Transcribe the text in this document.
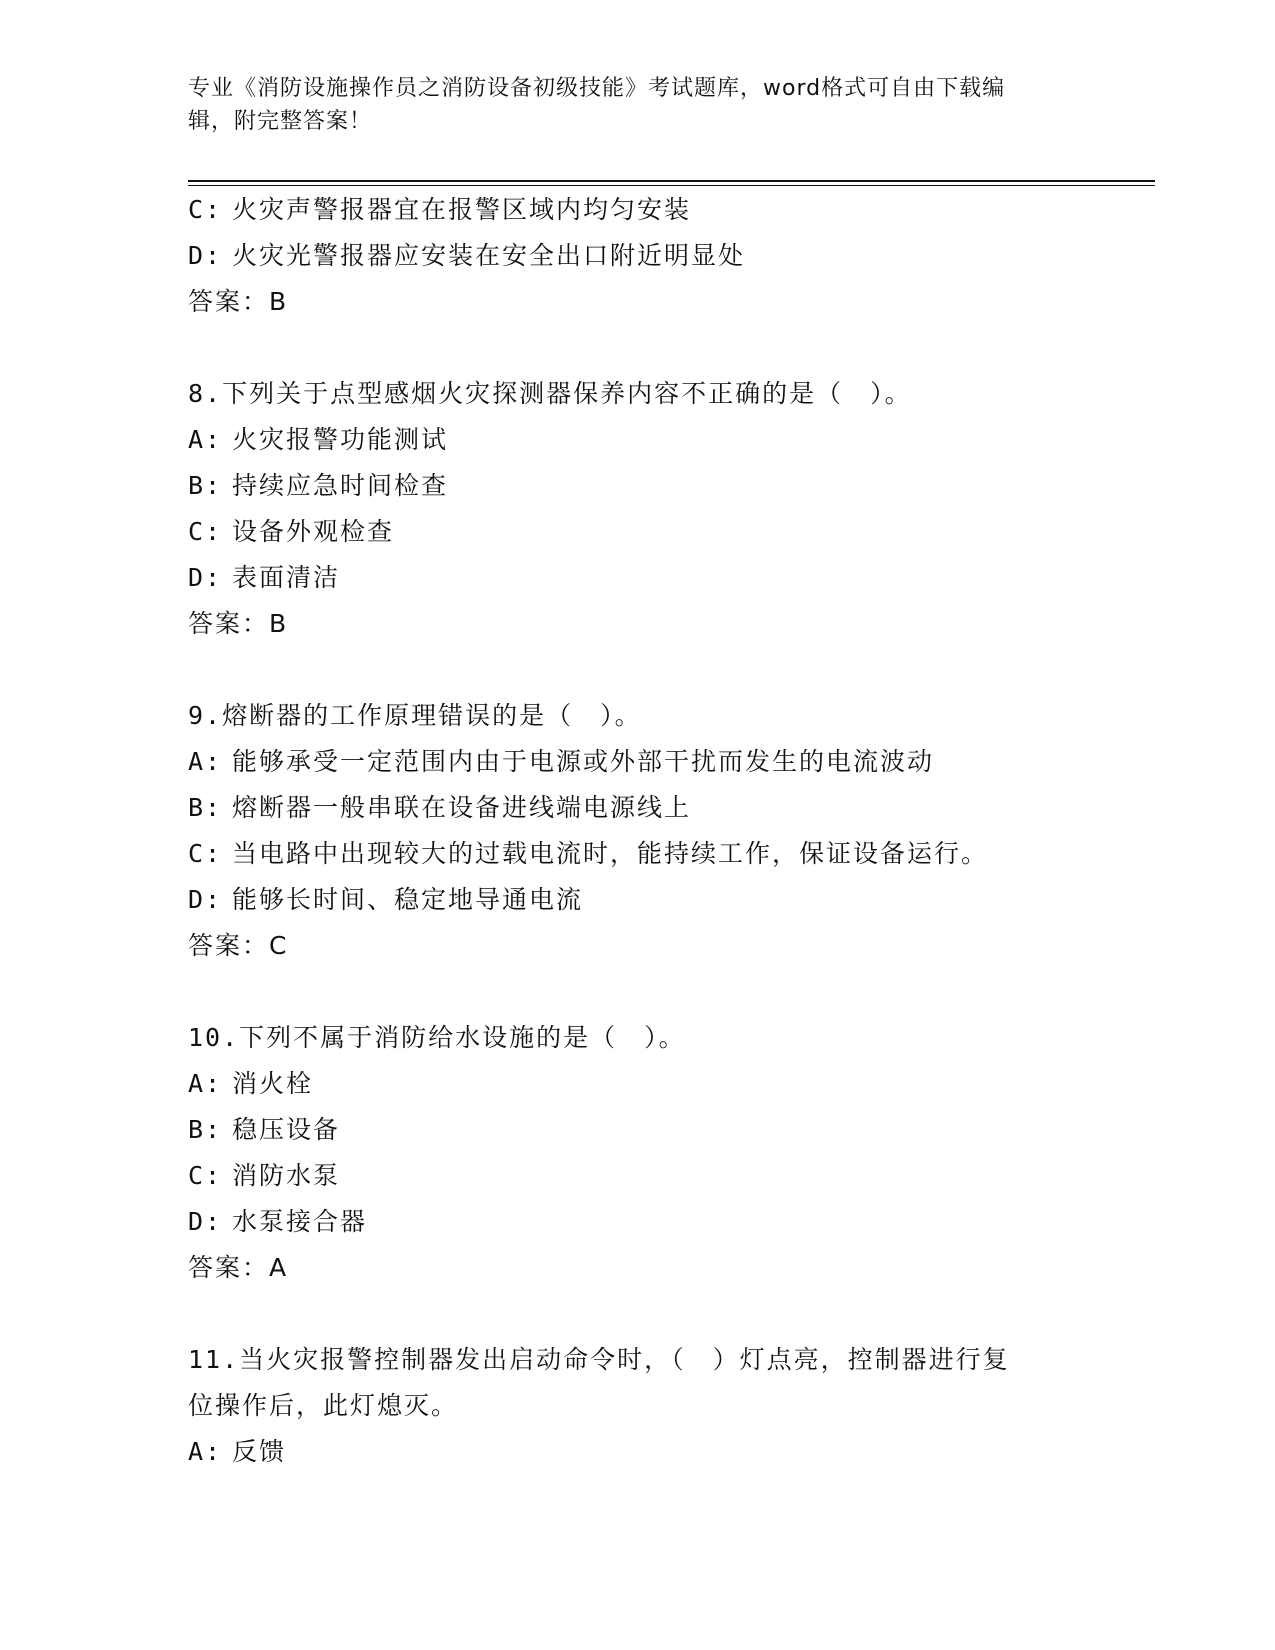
专业《消防设施操作员之消防设备初级技能》考试题库，word格式可自由下载编
辑，附完整答案！
C: 火灾声警报器宜在报警区域内均匀安装
D: 火灾光警报器应安装在安全出口附近明显处
答案：B
8.下列关于点型感烟火灾探测器保养内容不正确的是（　）。
A: 火灾报警功能测试
B: 持续应急时间检查
C: 设备外观检查
D: 表面清洁
答案：B
9.熔断器的工作原理错误的是（　）。
A: 能够承受一定范围内由于电源或外部干扰而发生的电流波动
B: 熔断器一般串联在设备进线端电源线上
C: 当电路中出现较大的过载电流时，能持续工作，保证设备运行。
D: 能够长时间、稳定地导通电流
答案：C
10.下列不属于消防给水设施的是（　）。
A: 消火栓
B: 稳压设备
C: 消防水泵
D: 水泵接合器
答案：A
11.当火灾报警控制器发出启动命令时，（　）灯点亮，控制器进行复
位操作后，此灯熄灭。
A: 反馈
